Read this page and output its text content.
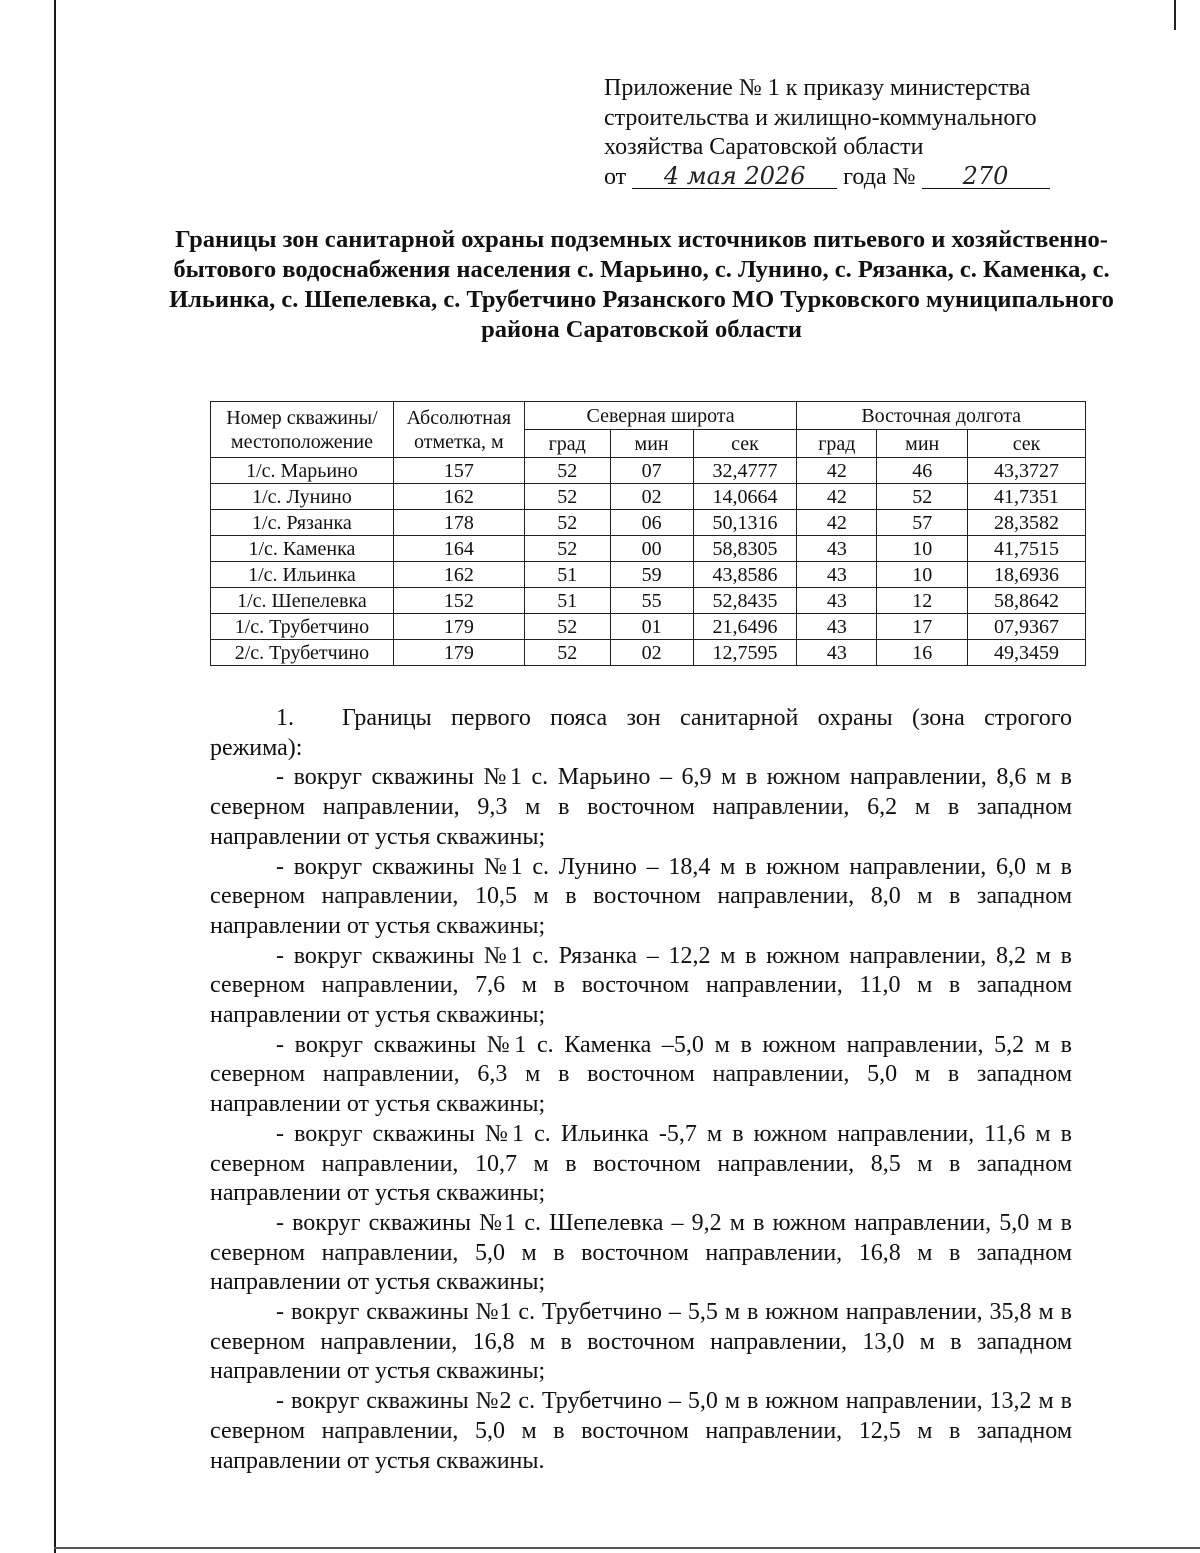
Приложение № 1 к приказу министерства
строительства и жилищно-коммунального
хозяйства Саратовской области
от 4 мая 2026 года № 270
Границы зон санитарной охраны подземных источников питьевого и хозяйственно-бытового водоснабжения населения с. Марьино, с. Лунино, с. Рязанка, с. Каменка, с. Ильинка, с. Шепелевка, с. Трубетчино Рязанского МО Турковского муниципального района Саратовской области
Номер скважины/ местоположение	Абсолютная отметка, м	Северная широта			Восточная долгота		
		град	мин	сек	град	мин	сек
1/с. Марьино	157	52	07	32,4777	42	46	43,3727
1/с. Лунино	162	52	02	14,0664	42	52	41,7351
1/с. Рязанка	178	52	06	50,1316	42	57	28,3582
1/с. Каменка	164	52	00	58,8305	43	10	41,7515
1/с. Ильинка	162	51	59	43,8586	43	10	18,6936
1/с. Шепелевка	152	51	55	52,8435	43	12	58,8642
1/с. Трубетчино	179	52	01	21,6496	43	17	07,9367
2/с. Трубетчино	179	52	02	12,7595	43	16	49,3459

1. Границы первого пояса зон санитарной охраны (зона строгого режима):

- вокруг скважины №1 с. Марьино – 6,9 м в южном направлении, 8,6 м в северном направлении, 9,3 м в восточном направлении, 6,2 м в западном направлении от устья скважины;

- вокруг скважины №1 с. Лунино – 18,4 м в южном направлении, 6,0 м в северном направлении, 10,5 м в восточном направлении, 8,0 м в западном направлении от устья скважины;

- вокруг скважины №1 с. Рязанка – 12,2 м в южном направлении, 8,2 м в северном направлении, 7,6 м в восточном направлении, 11,0 м в западном направлении от устья скважины;

- вокруг скважины №1 с. Каменка –5,0 м в южном направлении, 5,2 м в северном направлении, 6,3 м в восточном направлении, 5,0 м в западном направлении от устья скважины;

- вокруг скважины №1 с. Ильинка -5,7 м в южном направлении, 11,6 м в северном направлении, 10,7 м в восточном направлении, 8,5 м в западном направлении от устья скважины;

- вокруг скважины №1 с. Шепелевка – 9,2 м в южном направлении, 5,0 м в северном направлении, 5,0 м в восточном направлении, 16,8 м в западном направлении от устья скважины;

- вокруг скважины №1 с. Трубетчино – 5,5 м в южном направлении, 35,8 м в северном направлении, 16,8 м в восточном направлении, 13,0 м в западном направлении от устья скважины;

- вокруг скважины №2 с. Трубетчино – 5,0 м в южном направлении, 13,2 м в северном направлении, 5,0 м в восточном направлении, 12,5 м в западном направлении от устья скважины.
